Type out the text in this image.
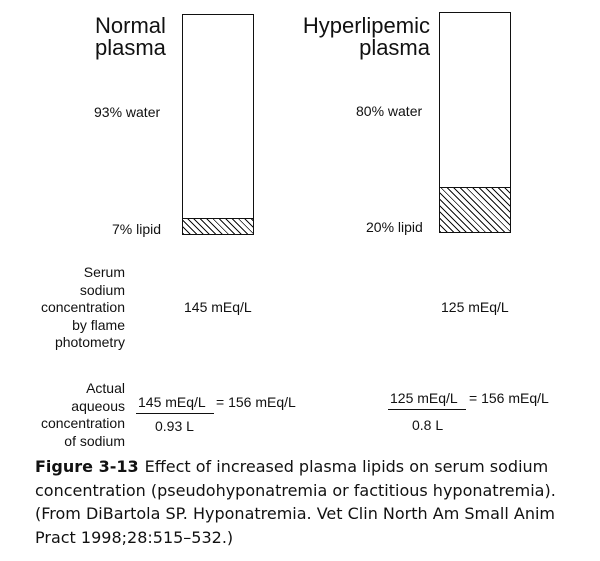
Normal
plasma
Hyperlipemic
plasma
93% water
7% lipid
80% water
20% lipid
Serum
sodium
concentration
by flame
photometry
145 mEq/L	125 mEq/L
Actual
aqueous
concentration
of sodium
145 mEq/L = 156 mEq/L
0.93 L
125 mEq/L = 156 mEq/L
0.8 L
Figure 3-13 Effect of increased plasma lipids on serum sodium concentration (pseudohyponatremia or factitious hyponatremia). (From DiBartola SP. Hyponatremia. Vet Clin North Am Small Anim Pract 1998;28:515–532.)
